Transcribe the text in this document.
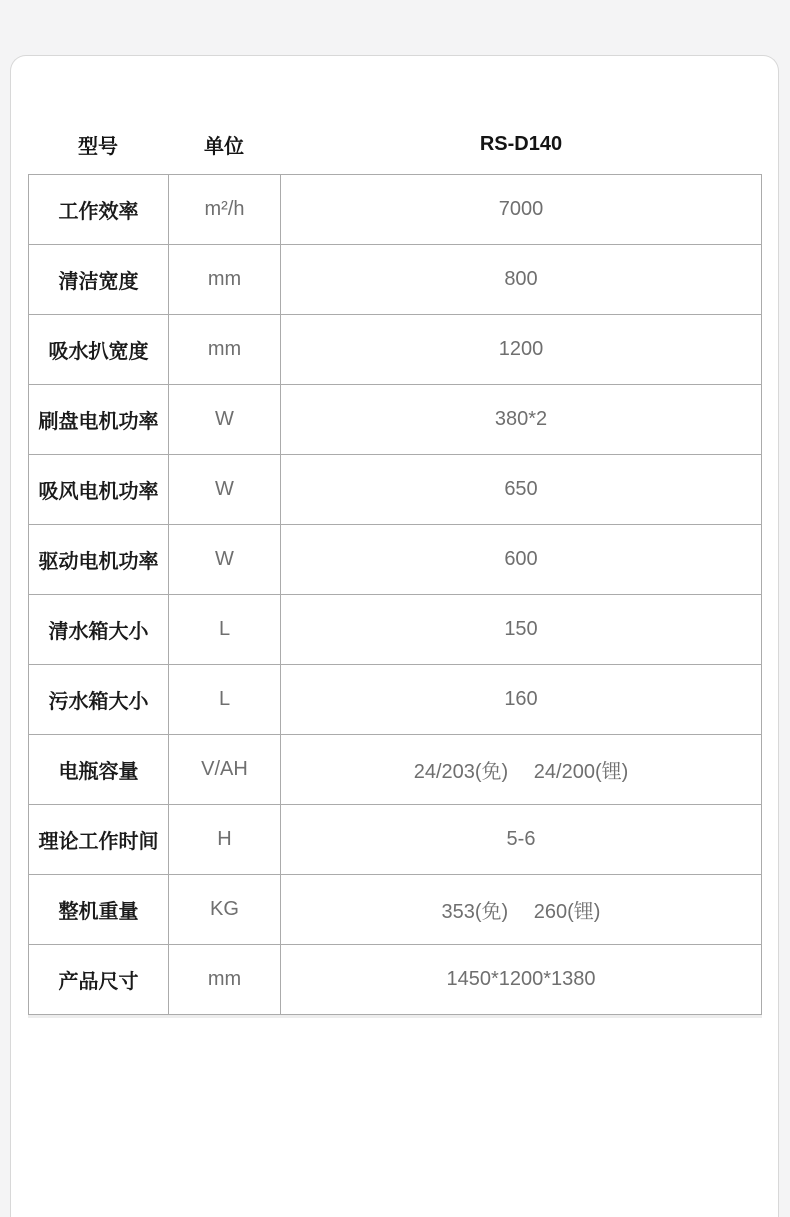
型号	单位	RS-D140
工作效率	m²/h	7000
清洁宽度	mm	800
吸水扒宽度	mm	1200
刷盘电机功率	W	380*2
吸风电机功率	W	650
驱动电机功率	W	600
清水箱大小	L	150
污水箱大小	L	160
电瓶容量	V/AH	24/203(免)　 24/200(锂)
理论工作时间	H	5-6
整机重量	KG	353(免)　 260(锂)
产品尺寸	mm	1450*1200*1380
